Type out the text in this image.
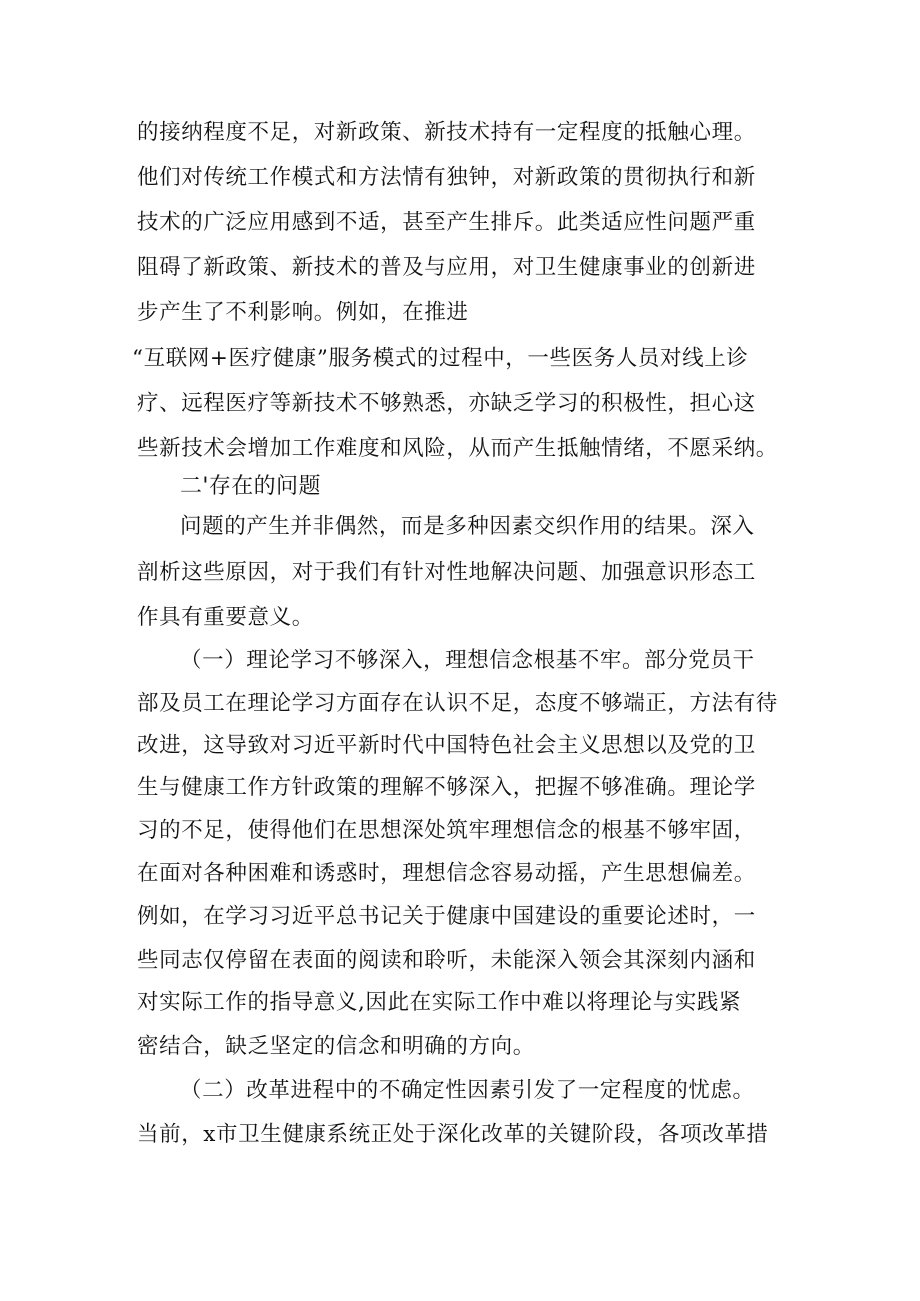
的接纳程度不足，对新政策、新技术持有一定程度的抵触心理。
他们对传统工作模式和方法情有独钟，对新政策的贯彻执行和新
技术的广泛应用感到不适，甚至产生排斥。此类适应性问题严重
阻碍了新政策、新技术的普及与应用，对卫生健康事业的创新进
步产生了不利影响。例如，在推进
“互联网+医疗健康”服务模式的过程中，一些医务人员对线上诊
疗、远程医疗等新技术不够熟悉，亦缺乏学习的积极性，担心这
些新技术会增加工作难度和风险，从而产生抵触情绪，不愿采纳。
二'存在的问题
问题的产生并非偶然，而是多种因素交织作用的结果。深入
剖析这些原因，对于我们有针对性地解决问题、加强意识形态工
作具有重要意义。
（一）理论学习不够深入，理想信念根基不牢。部分党员干
部及员工在理论学习方面存在认识不足，态度不够端正，方法有待
改进，这导致对习近平新时代中国特色社会主义思想以及党的卫
生与健康工作方针政策的理解不够深入，把握不够准确。理论学
习的不足，使得他们在思想深处筑牢理想信念的根基不够牢固，
在面对各种困难和诱惑时，理想信念容易动摇，产生思想偏差。
例如，在学习习近平总书记关于健康中国建设的重要论述时，一
些同志仅停留在表面的阅读和聆听，未能深入领会其深刻内涵和
对实际工作的指导意义,因此在实际工作中难以将理论与实践紧
密结合，缺乏坚定的信念和明确的方向。
（二）改革进程中的不确定性因素引发了一定程度的忧虑。
当前，x市卫生健康系统正处于深化改革的关键阶段，各项改革措
